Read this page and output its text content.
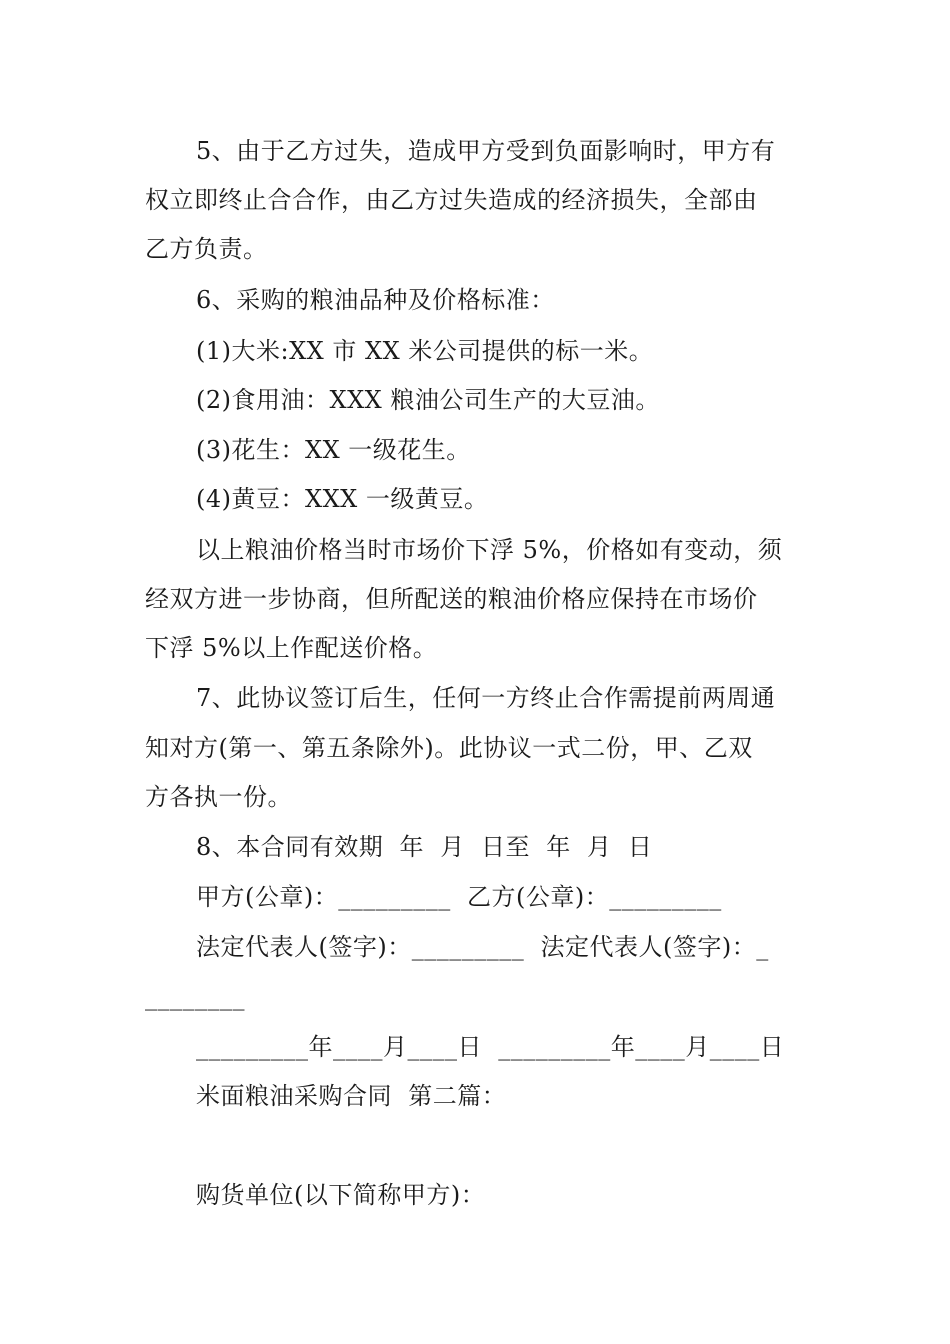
5、由于乙方过失，造成甲方受到负面影响时，甲方有
权立即终止合合作，由乙方过失造成的经济损失，全部由
乙方负责。
6、采购的粮油品种及价格标准：
(1)大米:XX 市 XX 米公司提供的标一米。
(2)食用油：XXX 粮油公司生产的大豆油。
(3)花生：XX 一级花生。
(4)黄豆：XXX 一级黄豆。
以上粮油价格当时市场价下浮 5%，价格如有变动，须
经双方进一步协商，但所配送的粮油价格应保持在市场价
下浮 5%以上作配送价格。
7、此协议签订后生，任何一方终止合作需提前两周通
知对方(第一、第五条除外)。此协议一式二份，甲、乙双
方各执一份。
8、本合同有效期  年  月  日至  年  月  日
甲方(公章)：_________  乙方(公章)：_________
法定代表人(签字)：_________  法定代表人(签字)：_
________
_________年____月____日  _________年____月____日
米面粮油采购合同  第二篇：
购货单位(以下简称甲方)：
